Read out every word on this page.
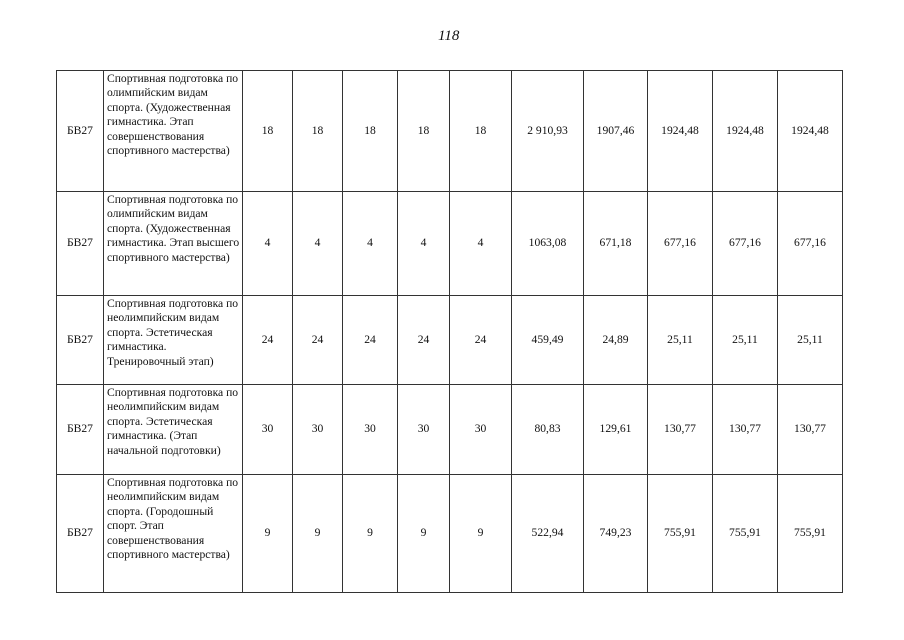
118
БВ27	Спортивная подготовка по олимпийским видам спорта. (Художественная гимнастика. Этап совершенствования спортивного мастерства)	18	18	18	18	18	2 910,93	1907,46	1924,48	1924,48	1924,48
БВ27	Спортивная подготовка по олимпийским видам спорта. (Художественная гимнастика. Этап высшего спортивного мастерства)	4	4	4	4	4	1063,08	671,18	677,16	677,16	677,16
БВ27	Спортивная подготовка по неолимпийским видам спорта. Эстетическая гимнастика. Тренировочный этап)	24	24	24	24	24	459,49	24,89	25,11	25,11	25,11
БВ27	Спортивная подготовка по неолимпийским видам спорта. Эстетическая гимнастика. (Этап начальной подготовки)	30	30	30	30	30	80,83	129,61	130,77	130,77	130,77
БВ27	Спортивная подготовка по неолимпийским видам спорта. (Городошный спорт. Этап совершенствования спортивного мастерства)	9	9	9	9	9	522,94	749,23	755,91	755,91	755,91
